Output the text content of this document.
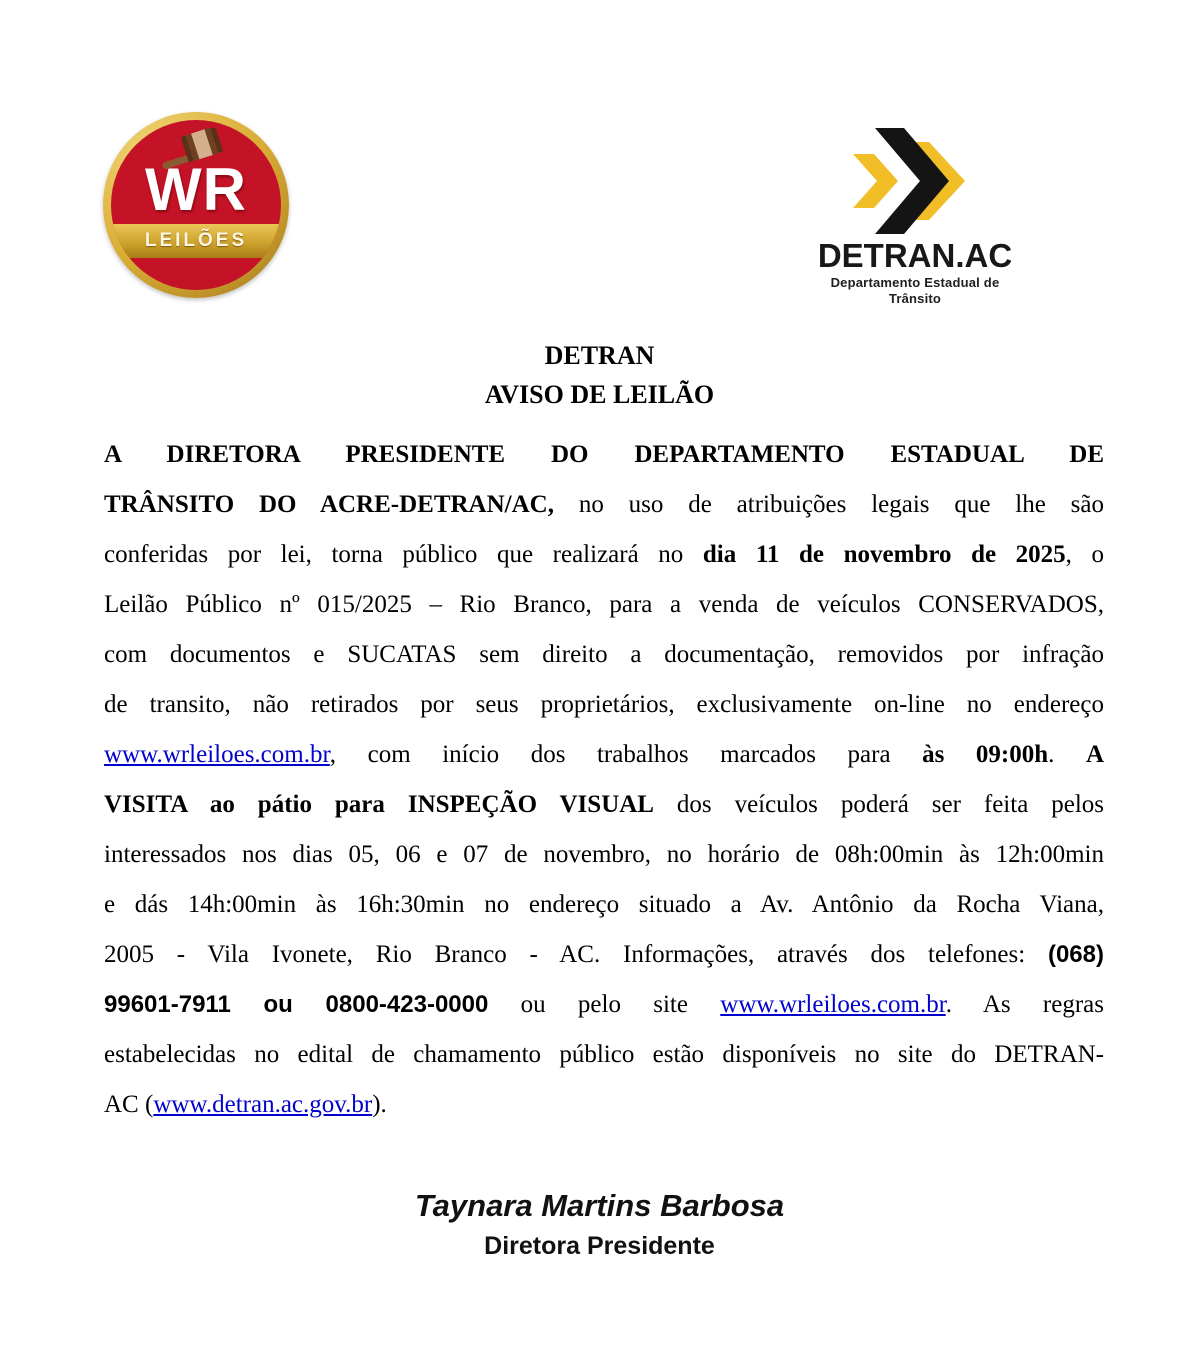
WR
LEILÕES	DETRAN.AC
Departamento Estadual de Trânsito
DETRAN
AVISO DE LEILÃO
A DIRETORA PRESIDENTE DO DEPARTAMENTO ESTADUAL DE
TRÂNSITO DO ACRE-DETRAN/AC, no uso de atribuições legais que lhe são
conferidas por lei, torna público que realizará no dia 11 de novembro de 2025, o
Leilão Público nº 015/2025 – Rio Branco, para a venda de veículos CONSERVADOS,
com documentos e SUCATAS sem direito a documentação, removidos por infração
de transito, não retirados por seus proprietários, exclusivamente on-line no endereço
www.wrleiloes.com.br, com início dos trabalhos marcados para às 09:00h. A
VISITA ao pátio para INSPEÇÃO VISUAL dos veículos poderá ser feita pelos
interessados nos dias 05, 06 e 07 de novembro, no horário de 08h:00min às 12h:00min
e dás 14h:00min às 16h:30min no endereço situado a Av. Antônio da Rocha Viana,
2005 - Vila Ivonete, Rio Branco - AC. Informações, através dos telefones: (068)
99601-7911 ou 0800-423-0000 ou pelo site www.wrleiloes.com.br. As regras
estabelecidas no edital de chamamento público estão disponíveis no site do DETRAN-
AC (www.detran.ac.gov.br).
Taynara Martins Barbosa
Diretora Presidente
